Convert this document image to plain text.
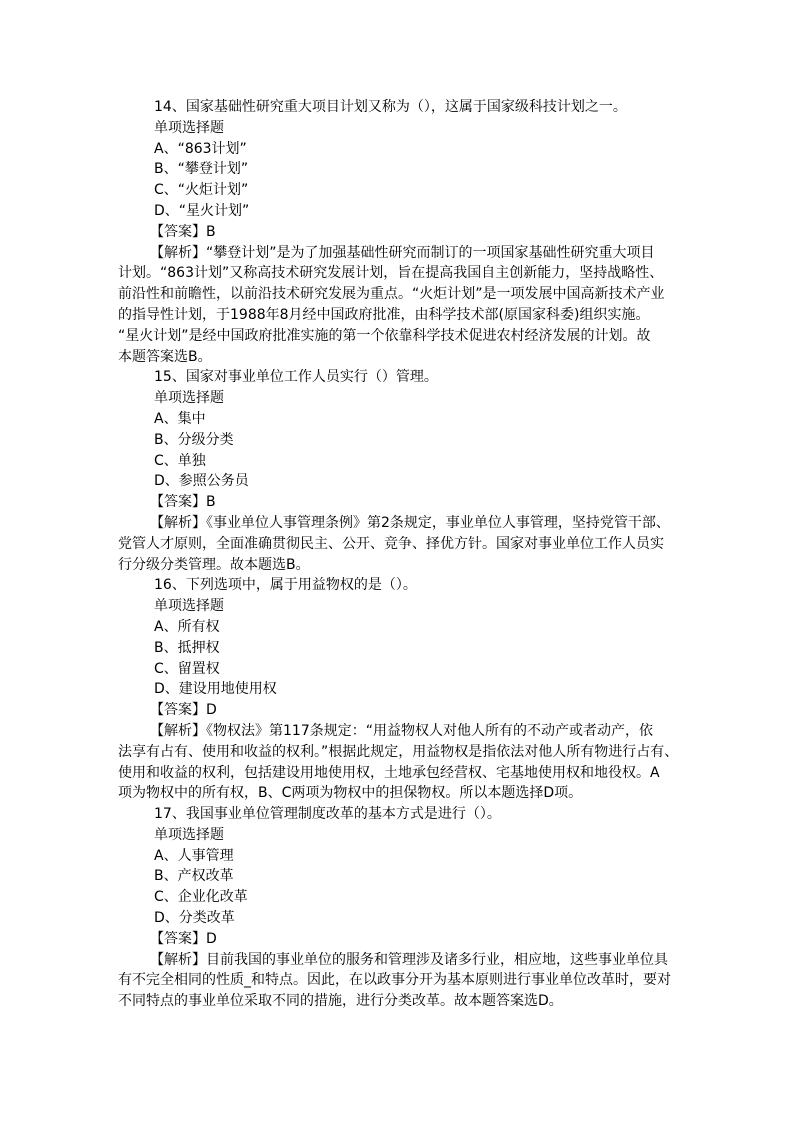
14、国家基础性研究重大项目计划又称为（），这属于国家级科技计划之一。
单项选择题
A、“863计划”
B、“攀登计划”
C、“火炬计划”
D、“星火计划”
【答案】B
【解析】“攀登计划”是为了加强基础性研究而制订的一项国家基础性研究重大项目
计划。“863计划”又称高技术研究发展计划，旨在提高我国自主创新能力，坚持战略性、
前沿性和前瞻性，以前沿技术研究发展为重点。“火炬计划”是一项发展中国高新技术产业
的指导性计划，于1988年8月经中国政府批准，由科学技术部(原国家科委)组织实施。
“星火计划”是经中国政府批准实施的第一个依靠科学技术促进农村经济发展的计划。故
本题答案选B。
15、国家对事业单位工作人员实行（）管理。
单项选择题
A、集中
B、分级分类
C、单独
D、参照公务员
【答案】B
【解析】《事业单位人事管理条例》第2条规定，事业单位人事管理，坚持党管干部、
党管人才原则，全面准确贯彻民主、公开、竞争、择优方针。国家对事业单位工作人员实
行分级分类管理。故本题选B。
16、下列选项中，属于用益物权的是（）。
单项选择题
A、所有权
B、抵押权
C、留置权
D、建设用地使用权
【答案】D
【解析】《物权法》第117条规定：“用益物权人对他人所有的不动产或者动产，依
法享有占有、使用和收益的权利。”根据此规定，用益物权是指依法对他人所有物进行占有、
使用和收益的权利，包括建设用地使用权，土地承包经营权、宅基地使用权和地役权。A
项为物权中的所有权，B、C两项为物权中的担保物权。所以本题选择D项。
17、我国事业单位管理制度改革的基本方式是进行（）。
单项选择题
A、人事管理
B、产权改革
C、企业化改革
D、分类改革
【答案】D
【解析】目前我国的事业单位的服务和管理涉及诸多行业，相应地，这些事业单位具
有不完全相同的性质_和特点。因此，在以政事分开为基本原则进行事业单位改革时，要对
不同特点的事业单位采取不同的措施，进行分类改革。故本题答案选D。
